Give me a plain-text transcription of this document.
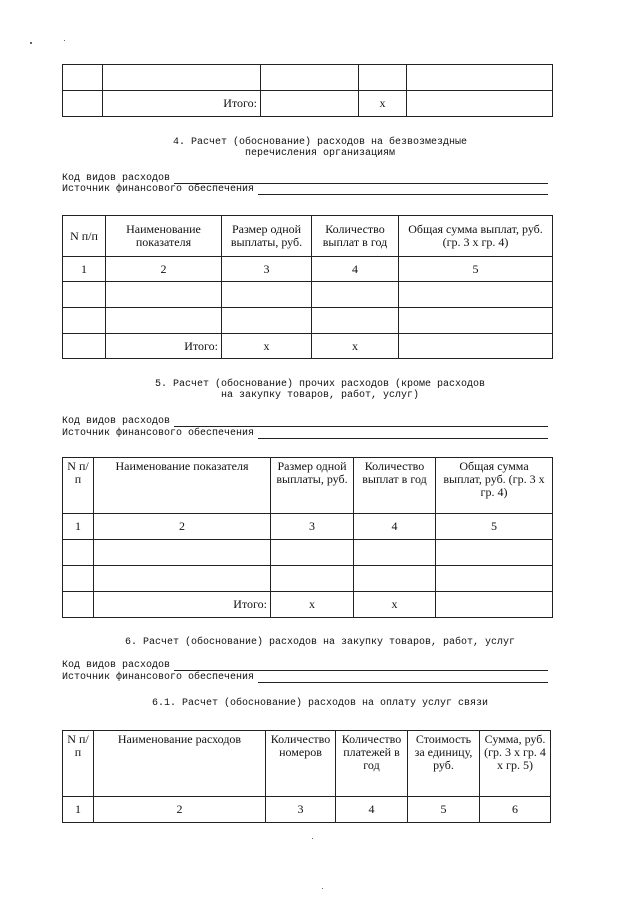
	Итого:		x	

4. Расчет (обоснование) расходов на безвозмездные
перечисления организациям

Код видов расходов
Источник финансового обеспечения
N п/п	Наименование показателя	Размер одной выплаты, руб.	Количество выплат в год	Общая сумма выплат, руб. (гр. 3 x гр. 4)
1	2	3	4	5

	Итого:	x	x	

5. Расчет (обоснование) прочих расходов (кроме расходов
на закупку товаров, работ, услуг)

Код видов расходов
Источник финансового обеспечения
N п/п	Наименование показателя	Размер одной выплаты, руб.	Количество выплат в год	Общая сумма выплат, руб. (гр. 3 x гр. 4)
1	2	3	4	5

	Итого:	x	x	

6. Расчет (обоснование) расходов на закупку товаров, работ, услуг

Код видов расходов
Источник финансового обеспечения

6.1. Расчет (обоснование) расходов на оплату услуг связи

N п/п	Наименование расходов	Количество номеров	Количество платежей в год	Стоимость за единицу, руб.	Сумма, руб. (гр. 3 x гр. 4 x гр. 5)
1	2	3	4	5	6
